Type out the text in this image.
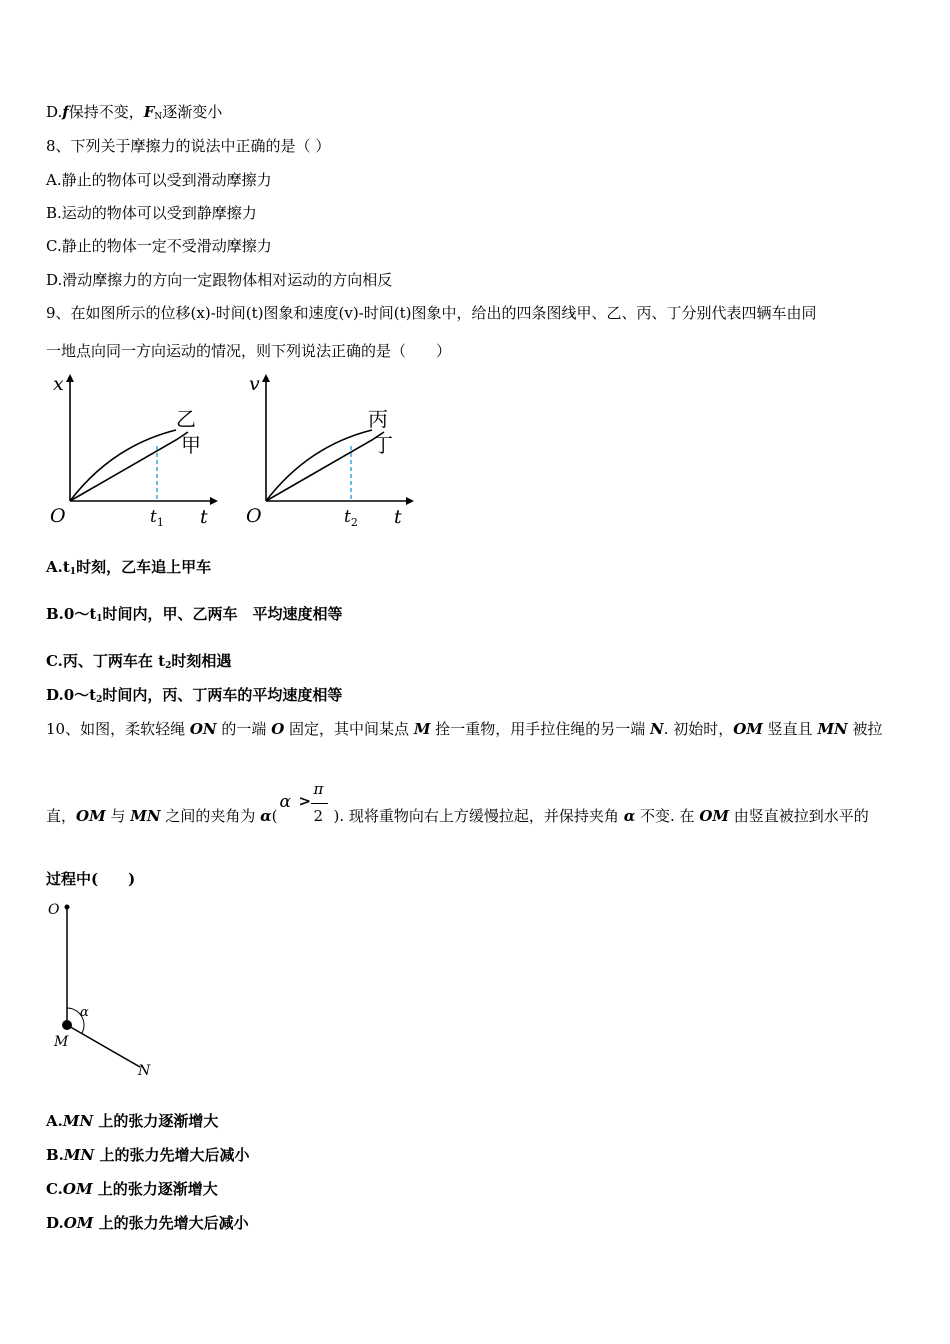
D.f保持不变，$F_N$逐渐变小
8、下列关于摩擦力的说法中正确的是（ ）
A.静止的物体可以受到滑动摩擦力
B.运动的物体可以受到静摩擦力
C.静止的物体一定不受滑动摩擦力
D.滑动摩擦力的方向一定跟物体相对运动的方向相反
9、在如图所示的位移(x)-时间(t)图象和速度(v)-时间(t)图象中，给出的四条图线甲、乙、丙、丁分别代表四辆车由同
一地点向同一方向运动的情况，则下列说法正确的是（　　）
x
t
O	$t_1$
乙
甲
v
t
O	$t_2$
丙
丁
$A.t_1$时刻，乙车追上甲车
$B.0\sim t_1$时间内，甲、乙两车　平均速度相等
C.丙、丁两车在 $t_2$时刻相遇
$D.0\sim t_2$时间内，丙、丁两车的平均速度相等
10、如图，柔软轻绳 ON 的一端 O 固定，其中间某点 M 拴一重物，用手拉住绳的另一端 N. 初始时，OM 竖直且 MN 被拉
直，OM 与 MN 之间的夹角为 α(
α >
π
2 ). 现将重物向右上方缓慢拉起，并保持夹角 α 不变. 在 OM 由竖直被拉到水平的
过程中(　　)
O
M
N
α
A.MN 上的张力逐渐增大
B.MN 上的张力先增大后减小
C.OM 上的张力逐渐增大
D.OM 上的张力先增大后减小
